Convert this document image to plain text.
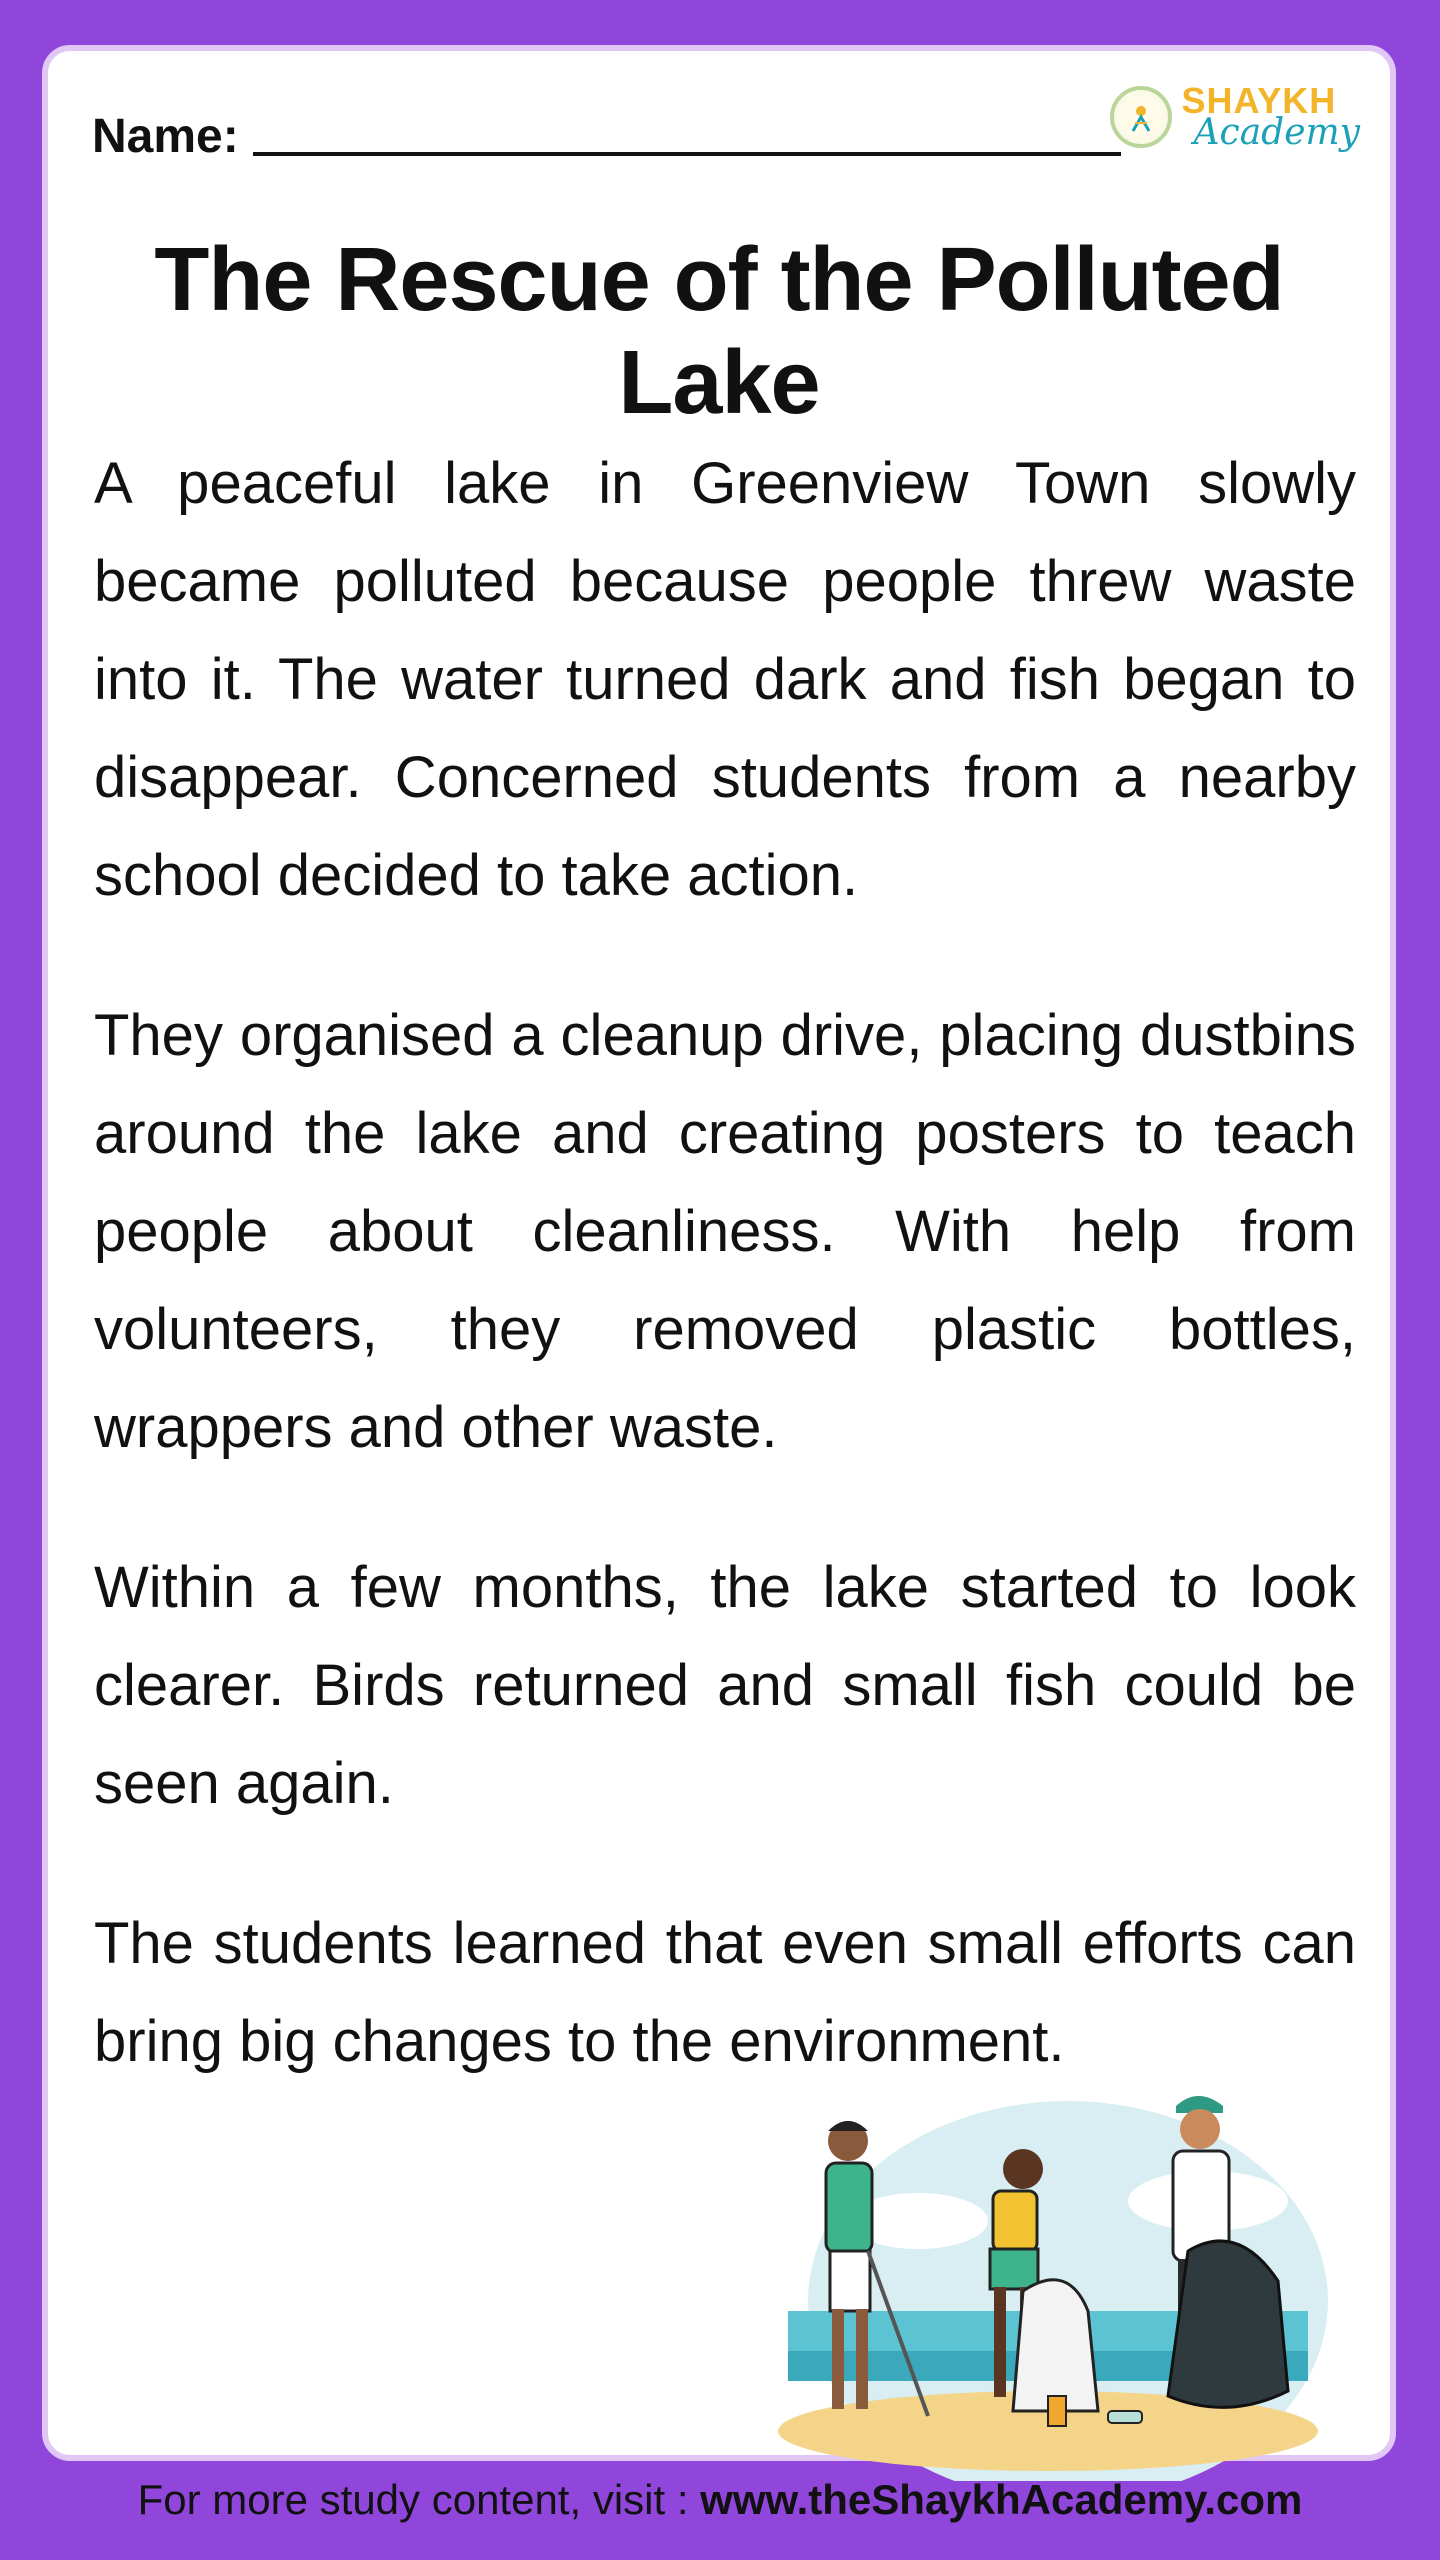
Name:
SHAYKH
Academy
The Rescue of the Polluted Lake

A peaceful lake in Greenview Town slowly became polluted because people threw waste into it. The water turned dark and fish began to disappear. Concerned students from a nearby school decided to take action.

They organised a cleanup drive, placing dustbins around the lake and creating posters to teach people about cleanliness. With help from volunteers, they removed plastic bottles, wrappers and other waste.

Within a few months, the lake started to look clearer. Birds returned and small fish could be seen again.

The students learned that even small efforts can bring big changes to the environment.

For more study content, visit : www.theShaykhAcademy.com
